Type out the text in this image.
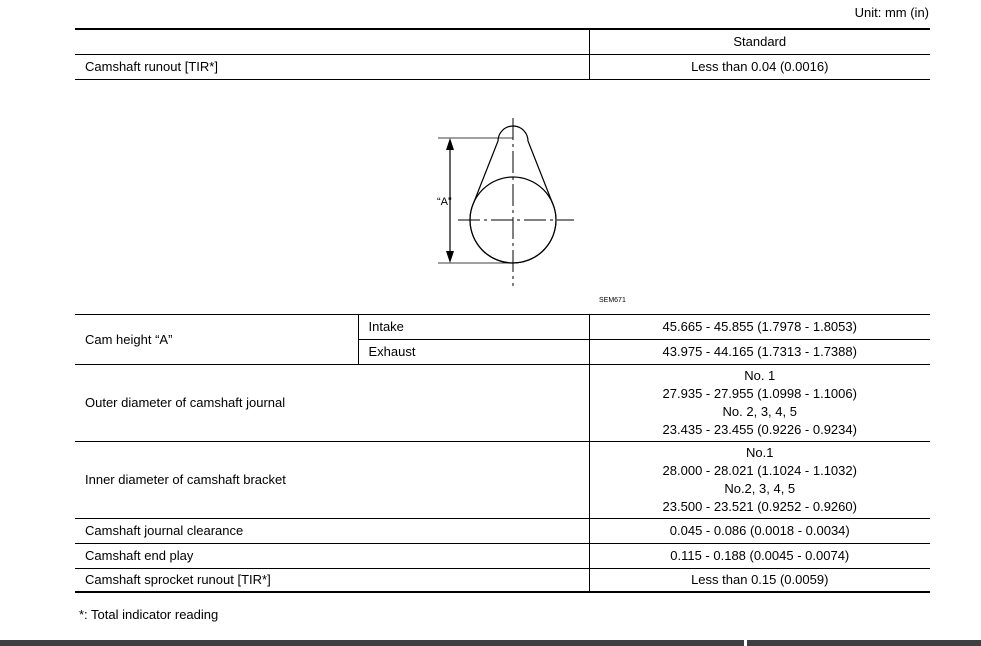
Unit: mm (in)
	Standard
Camshaft runout [TIR*]	Less than 0.04 (0.0016)
“A”
SEM671
Cam height “A”	Intake	45.665 - 45.855 (1.7978 - 1.8053)
	Exhaust	43.975 - 44.165 (1.7313 - 1.7388)
Outer diameter of camshaft journal		No. 1
27.935 - 27.955 (1.0998 - 1.1006)
No. 2, 3, 4, 5
23.435 - 23.455 (0.9226 - 0.9234)

Inner diameter of camshaft bracket		No.1
28.000 - 28.021 (1.1024 - 1.1032)
No.2, 3, 4, 5
23.500 - 23.521 (0.9252 - 0.9260)

Camshaft journal clearance		0.045 - 0.086 (0.0018 - 0.0034)
Camshaft end play		0.115 - 0.188 (0.0045 - 0.0074)
Camshaft sprocket runout [TIR*]		Less than 0.15 (0.0059)
*: Total indicator reading
